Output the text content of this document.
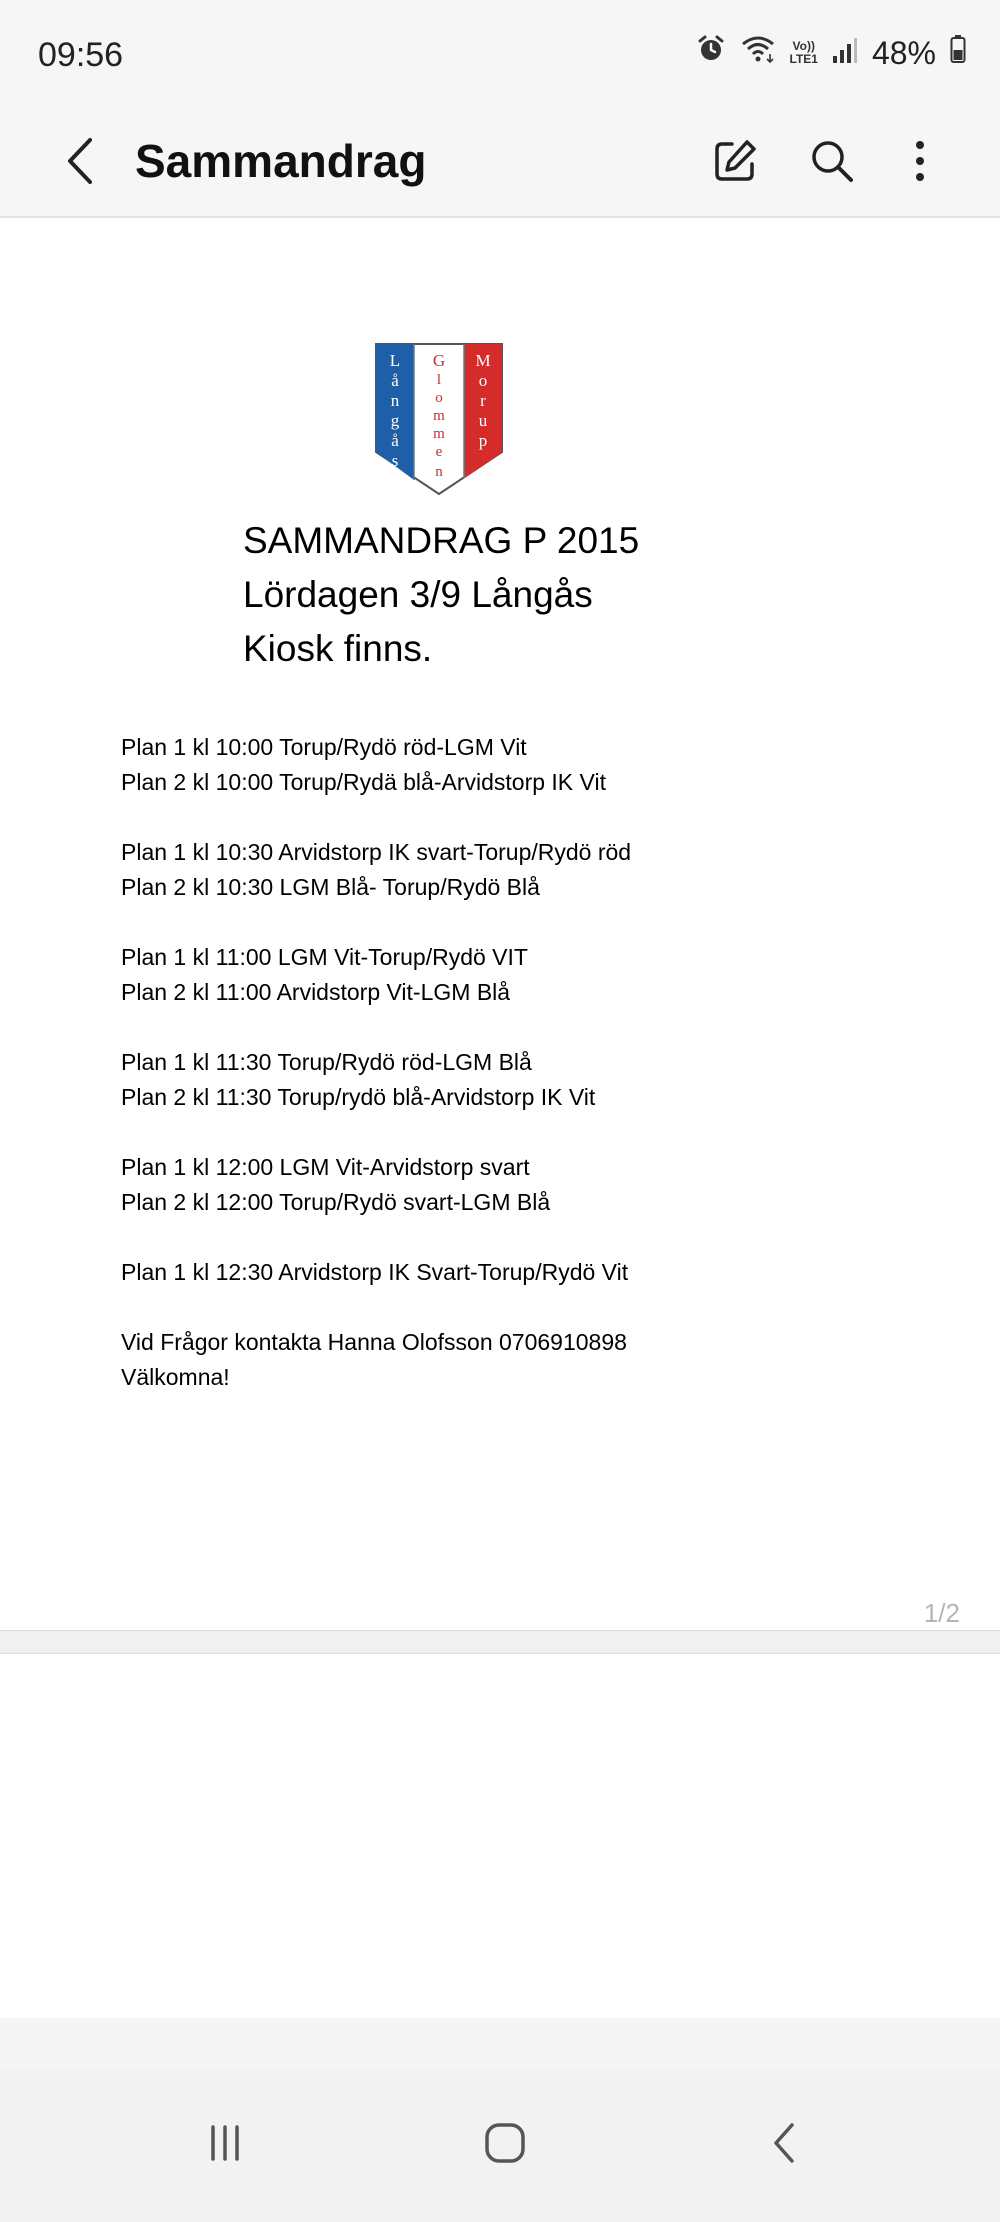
09:56	Vo))
LTE1 48%
Sammandrag
L
å
n
g
å
s
G
l
o
m
m
e
n
M
o
r
u
p
SAMMANDRAG P 2015
Lördagen 3/9 Långås
Kiosk finns.
Plan 1 kl 10:00 Torup/Rydö röd-LGM Vit
Plan 2 kl 10:00 Torup/Rydä blå-Arvidstorp IK Vit
Plan 1 kl 10:30 Arvidstorp IK svart-Torup/Rydö röd
Plan 2 kl 10:30 LGM Blå- Torup/Rydö Blå
Plan 1 kl 11:00 LGM Vit-Torup/Rydö VIT
Plan 2 kl 11:00 Arvidstorp Vit-LGM Blå
Plan 1 kl 11:30 Torup/Rydö röd-LGM Blå
Plan 2 kl 11:30 Torup/rydö blå-Arvidstorp IK Vit
Plan 1 kl 12:00 LGM Vit-Arvidstorp svart
Plan 2 kl 12:00 Torup/Rydö svart-LGM Blå
Plan 1 kl 12:30 Arvidstorp IK Svart-Torup/Rydö Vit
Vid Frågor kontakta Hanna Olofsson 0706910898
Välkomna!
1/2
